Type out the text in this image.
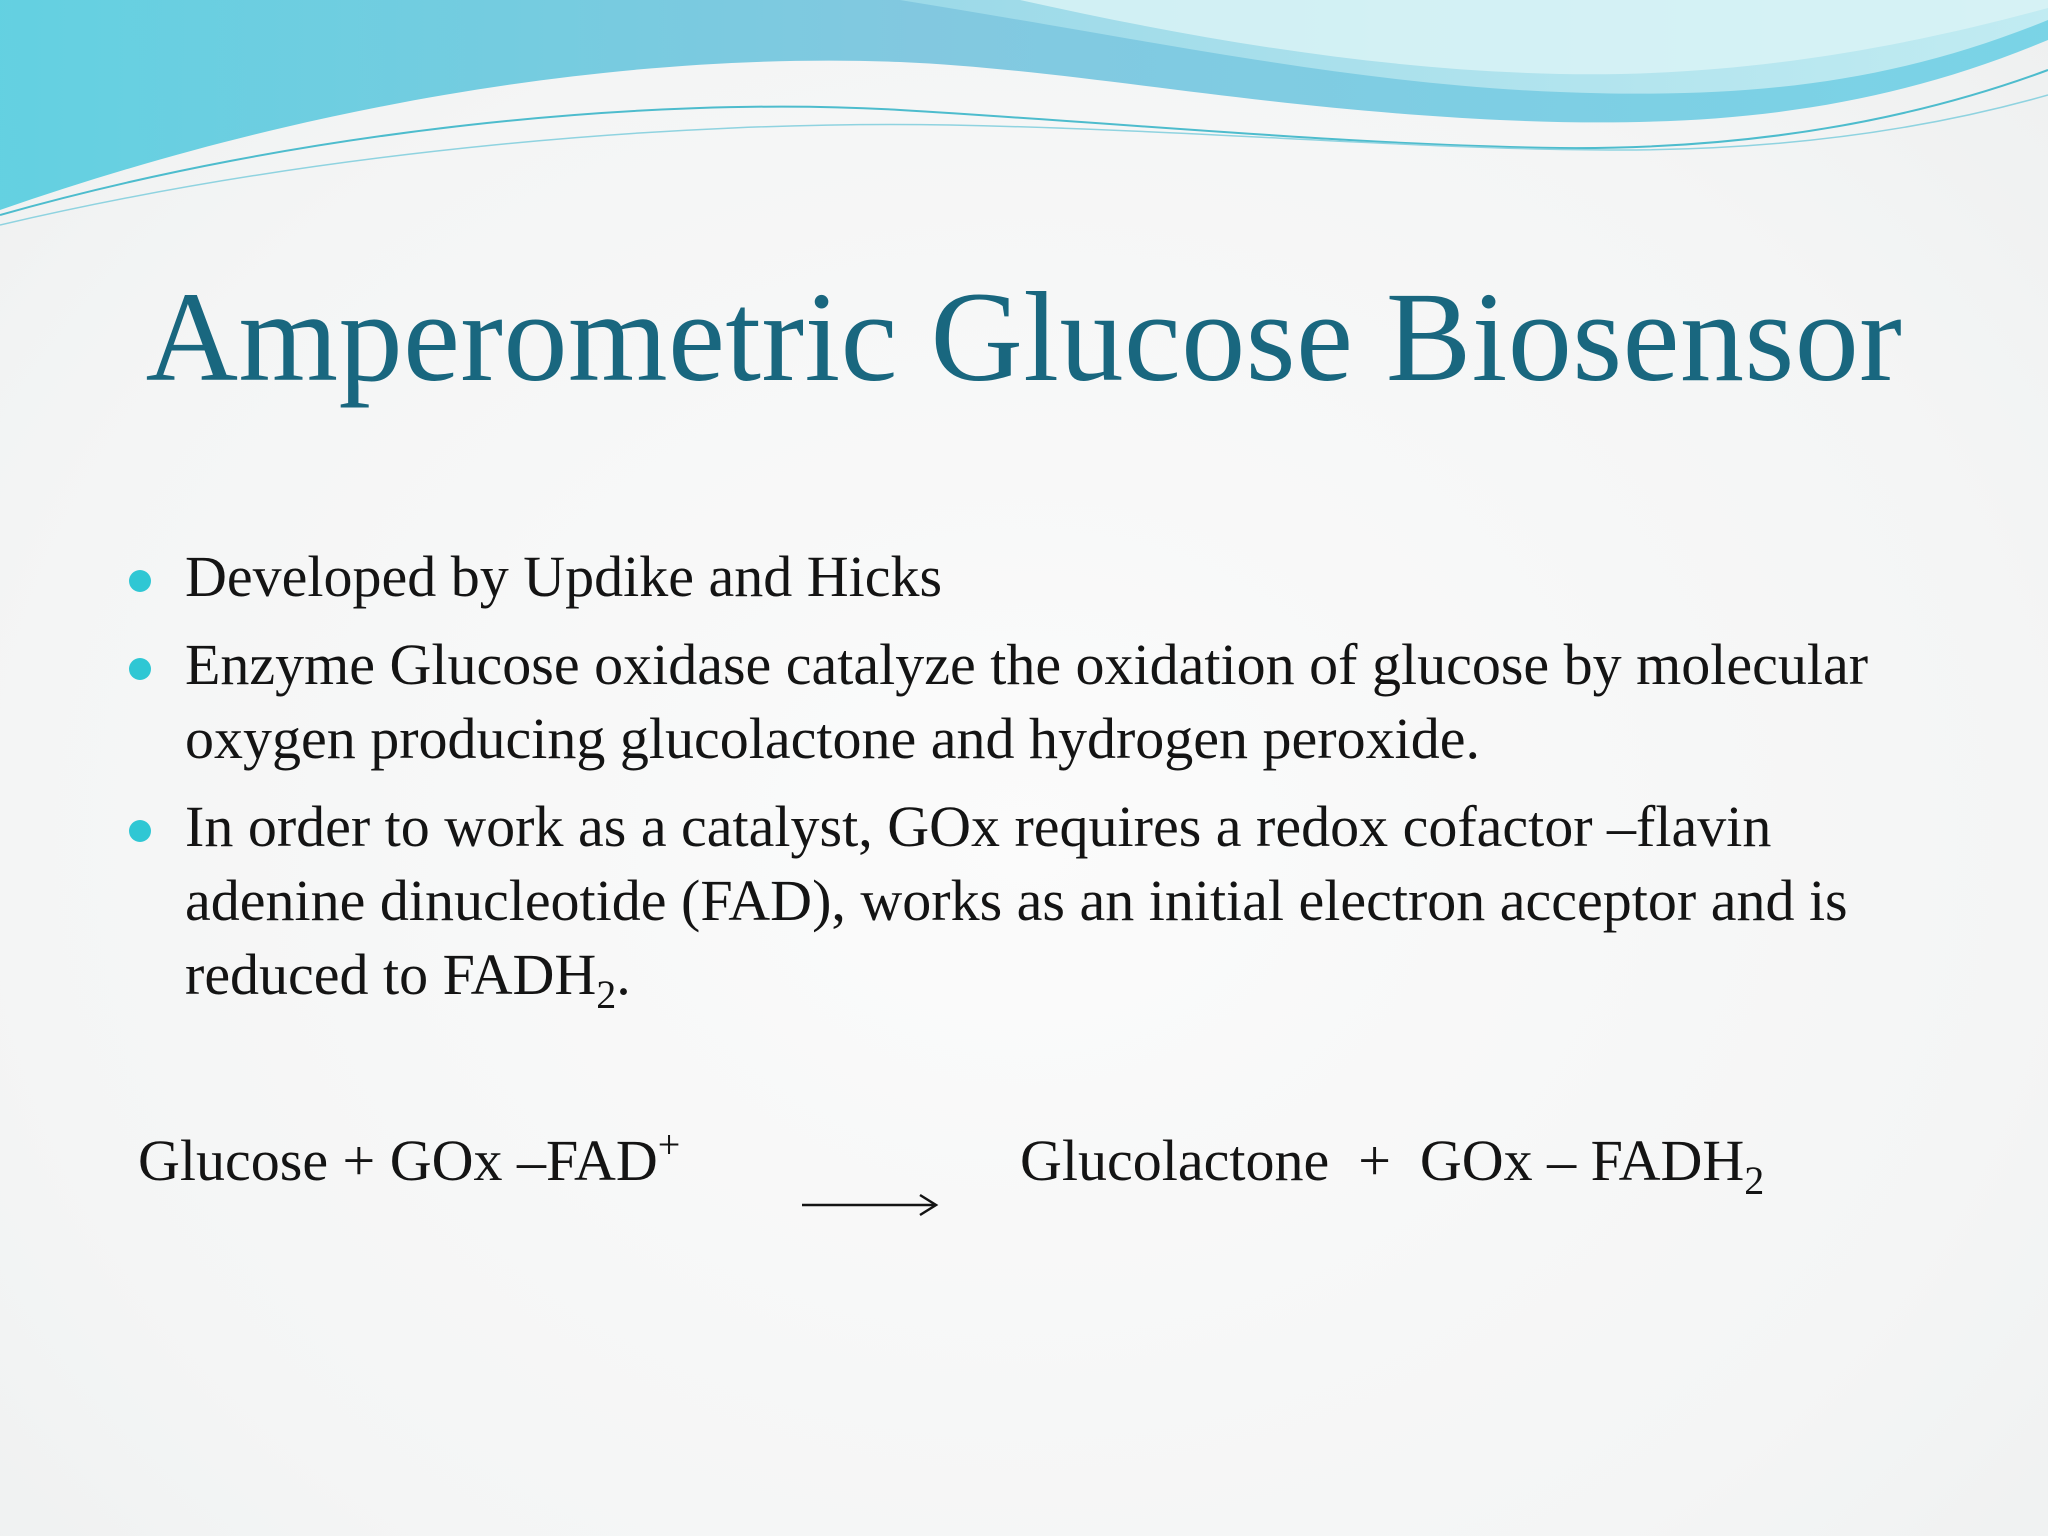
Amperometric Glucose Biosensor
Developed by Updike and Hicks
Enzyme Glucose oxidase catalyze the oxidation of glucose by molecular oxygen producing glucolactone and hydrogen peroxide.
In order to work as a catalyst, GOx requires a redox cofactor –flavin adenine dinucleotide (FAD), works as an initial electron acceptor and is reduced to $FADH_2$.
Glucose + GOx –FAD+	Glucolactone  +  GOx – $FADH_2$
